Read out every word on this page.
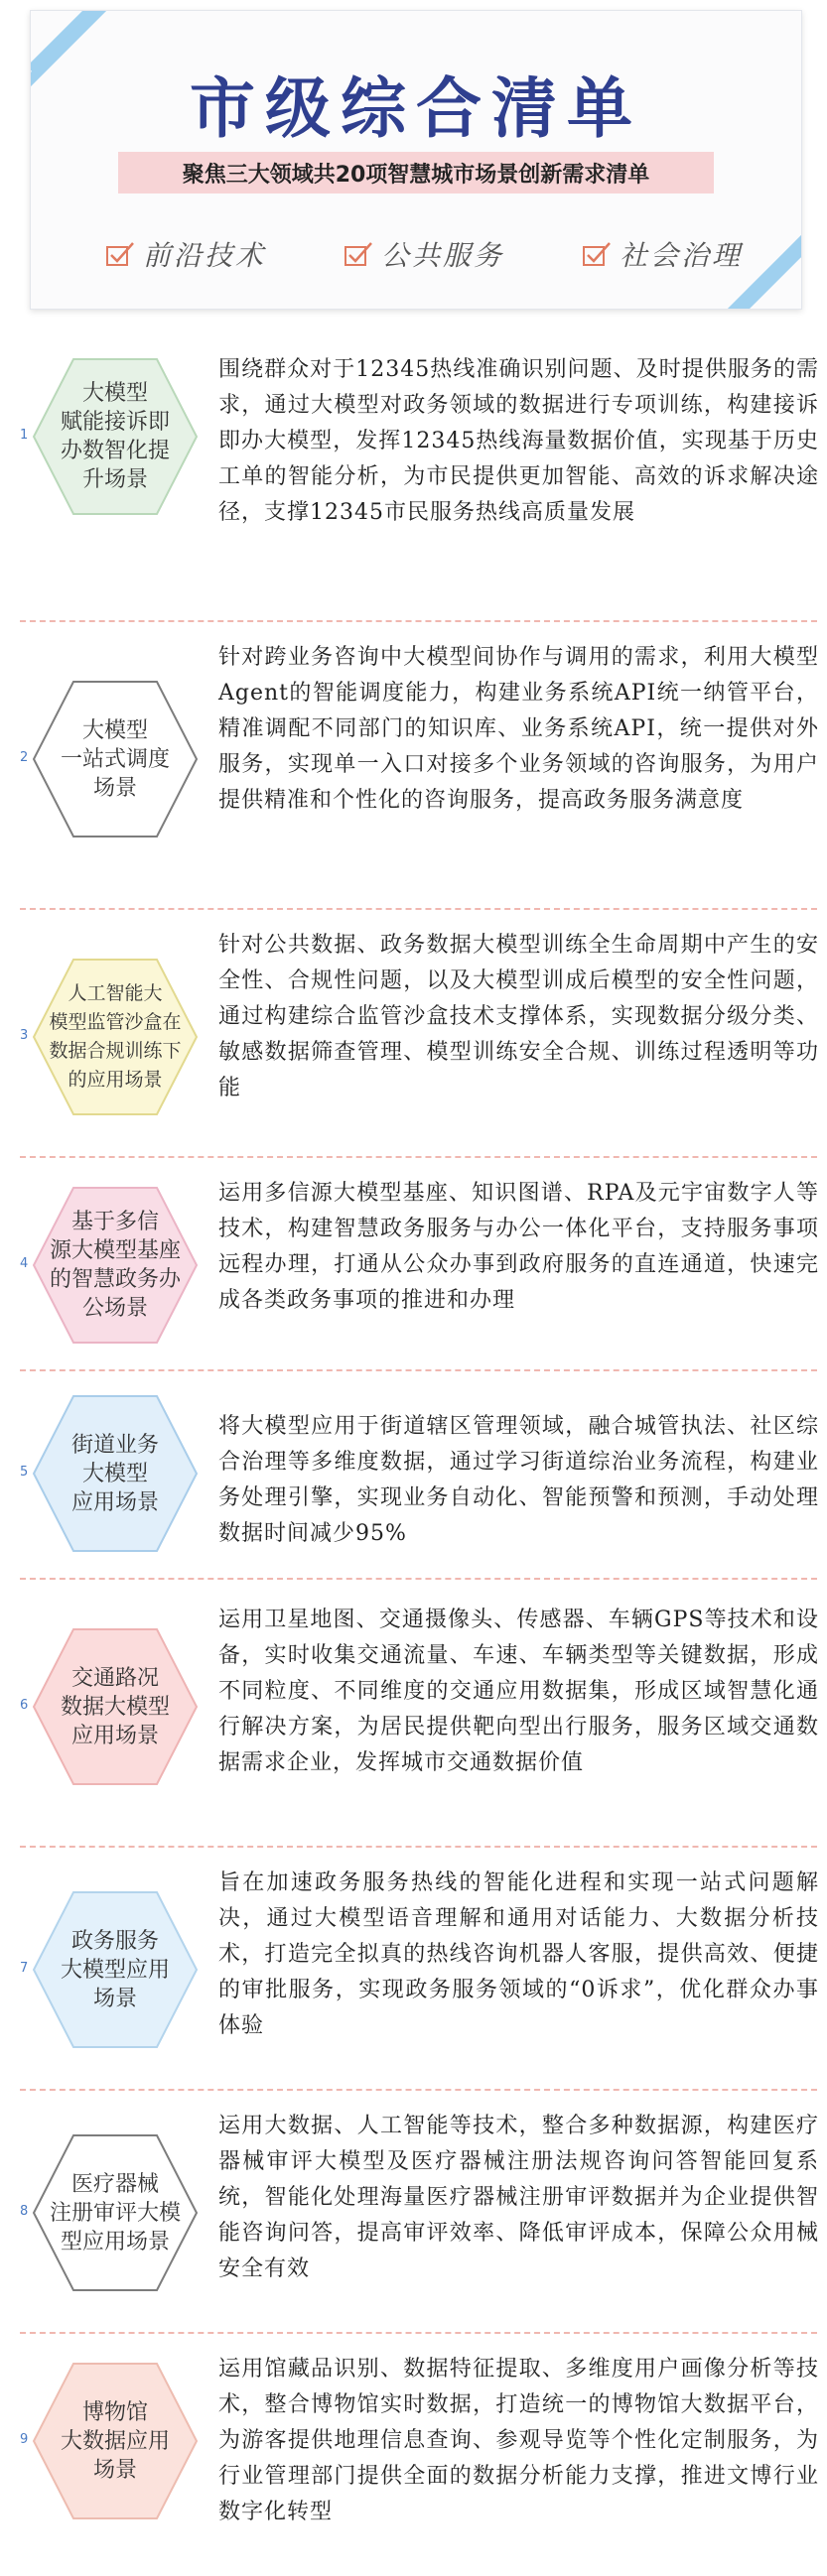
市级综合清单
聚焦三大领域共20项智慧城市场景创新需求清单
前沿技术	公共服务	社会治理
1
大模型
赋能接诉即
办数智化提
升场景
围绕群众对于12345热线准确识别问题、及时提供服务的需求，通过大模型对政务领域的数据进行专项训练，构建接诉即办大模型，发挥12345热线海量数据价值，实现基于历史工单的智能分析，为市民提供更加智能、高效的诉求解决途径，支撑12345市民服务热线高质量发展
2
大模型
一站式调度
场景
针对跨业务咨询中大模型间协作与调用的需求，利用大模型Agent的智能调度能力，构建业务系统API统一纳管平台，精准调配不同部门的知识库、业务系统API，统一提供对外服务，实现单一入口对接多个业务领域的咨询服务，为用户提供精准和个性化的咨询服务，提高政务服务满意度
3
人工智能大
模型监管沙盒在
数据合规训练下
的应用场景
针对公共数据、政务数据大模型训练全生命周期中产生的安全性、合规性问题，以及大模型训成后模型的安全性问题，通过构建综合监管沙盒技术支撑体系，实现数据分级分类、敏感数据筛查管理、模型训练安全合规、训练过程透明等功能
4
基于多信
源大模型基座
的智慧政务办
公场景
运用多信源大模型基座、知识图谱、RPA及元宇宙数字人等技术，构建智慧政务服务与办公一体化平台，支持服务事项远程办理，打通从公众办事到政府服务的直连通道，快速完成各类政务事项的推进和办理
5
街道业务
大模型
应用场景
将大模型应用于街道辖区管理领域，融合城管执法、社区综合治理等多维度数据，通过学习街道综治业务流程，构建业务处理引擎，实现业务自动化、智能预警和预测，手动处理数据时间减少95%
6
交通路况
数据大模型
应用场景
运用卫星地图、交通摄像头、传感器、车辆GPS等技术和设备，实时收集交通流量、车速、车辆类型等关键数据，形成不同粒度、不同维度的交通应用数据集，形成区域智慧化通行解决方案，为居民提供靶向型出行服务，服务区域交通数据需求企业，发挥城市交通数据价值
7
政务服务
大模型应用
场景
旨在加速政务服务热线的智能化进程和实现一站式问题解决，通过大模型语音理解和通用对话能力、大数据分析技术，打造完全拟真的热线咨询机器人客服，提供高效、便捷的审批服务，实现政务服务领域的“0诉求”，优化群众办事体验
8
医疗器械
注册审评大模
型应用场景
运用大数据、人工智能等技术，整合多种数据源，构建医疗器械审评大模型及医疗器械注册法规咨询问答智能回复系统，智能化处理海量医疗器械注册审评数据并为企业提供智能咨询问答，提高审评效率、降低审评成本，保障公众用械安全有效
9
博物馆
大数据应用
场景
运用馆藏品识别、数据特征提取、多维度用户画像分析等技术，整合博物馆实时数据，打造统一的博物馆大数据平台，为游客提供地理信息查询、参观导览等个性化定制服务，为行业管理部门提供全面的数据分析能力支撑，推进文博行业数字化转型
